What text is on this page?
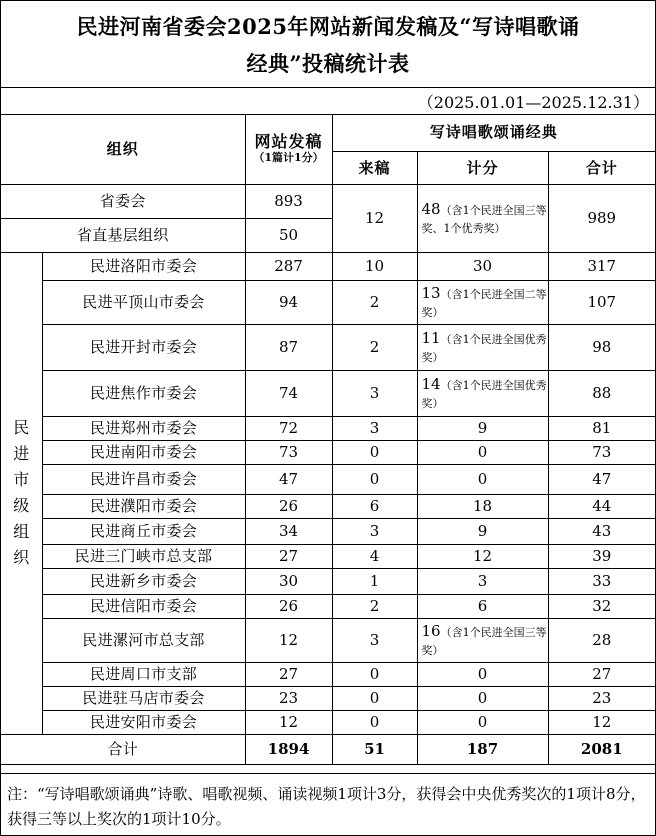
民进河南省委会2025年网站新闻发稿及“写诗唱歌诵
经典”投稿统计表
（2025.01.01—2025.12.31）
组织		网站发稿
（1篇计1分）	写诗唱歌颂诵经典		
			来稿	计分	合计
省委会		893	12	48（含1个民进全国三等奖、1个优秀奖）	989
省直基层组织		50			
民进市级组织	民进洛阳市委会	287	10	30	317
	民进平顶山市委会	94	2	13（含1个民进全国二等奖）	107
	民进开封市委会	87	2	11（含1个民进全国优秀奖）	98
	民进焦作市委会	74	3	14（含1个民进全国优秀奖）	88
	民进郑州市委会	72	3	9	81
	民进南阳市委会	73	0	0	73
	民进许昌市委会	47	0	0	47
	民进濮阳市委会	26	6	18	44
	民进商丘市委会	34	3	9	43
	民进三门峡市总支部	27	4	12	39
	民进新乡市委会	30	1	3	33
	民进信阳市委会	26	2	6	32
	民进漯河市总支部	12	3	16（含1个民进全国三等奖）	28
	民进周口市支部	27	0	0	27
	民进驻马店市委会	23	0	0	23
	民进安阳市委会	12	0	0	12
合计		1894	51	187	2081
注：“写诗唱歌颂诵典”诗歌、唱歌视频、诵读视频1项计3分，获得会中央优秀奖次的1项计8分，获得三等以上奖次的1项计10分。
